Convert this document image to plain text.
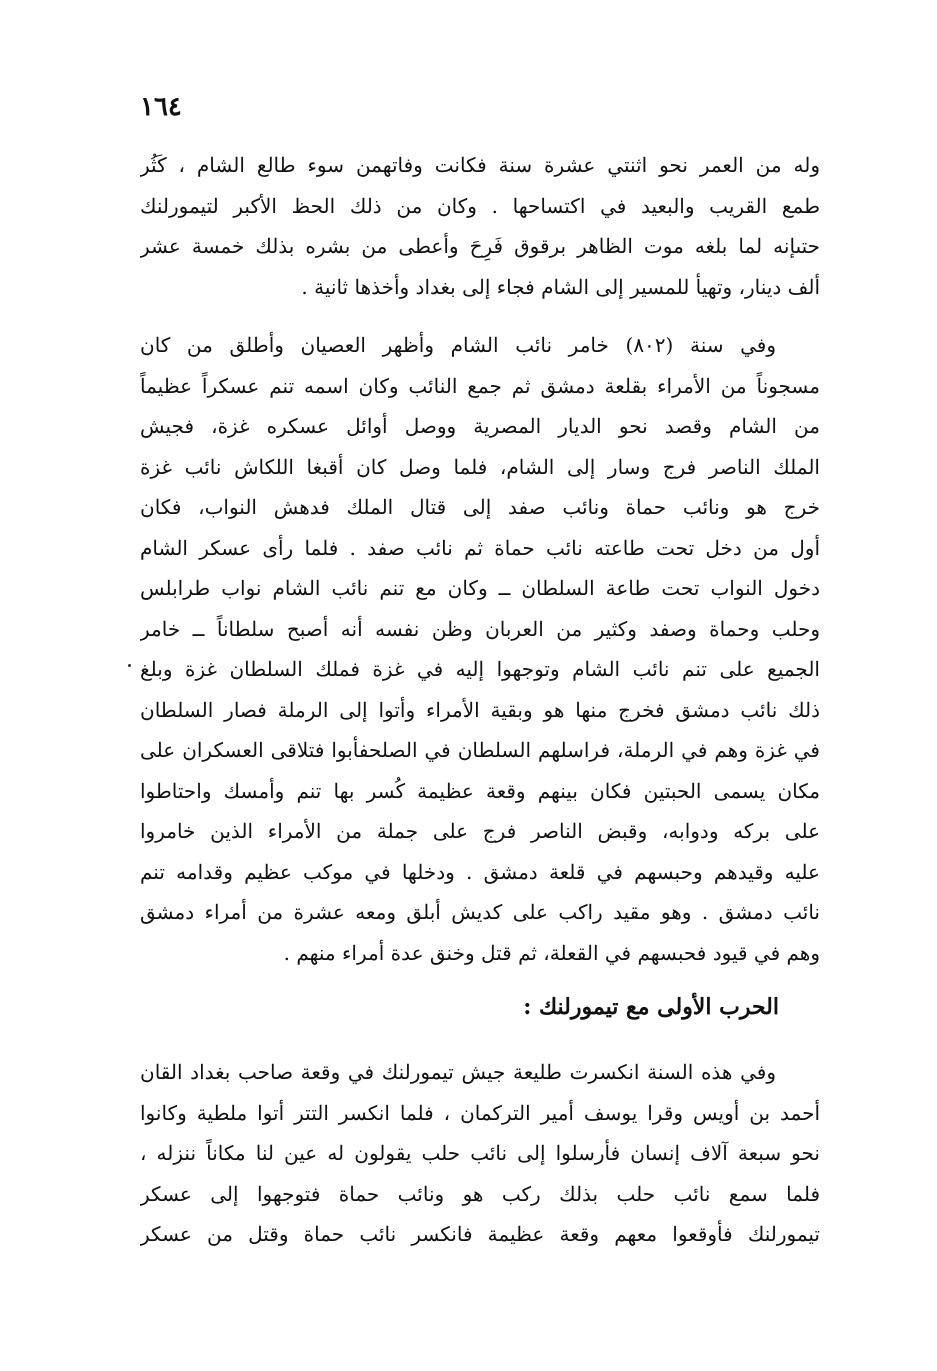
١٦٤
وله من العمر نحو اثنتي عشرة سنة فكانت وفاتهمن سوء طالع الشام ، كَثُر
طمع القريب والبعيد في اكتساحها . وكان من ذلك الحظ الأكبر لتيمورلنك
حتىإنه لما بلغه موت الظاهر برقوق فَرِحَ وأعطى من بشره بذلك خمسة عشر
ألف دينار، وتهيأ للمسير إلى الشام فجاء إلى بغداد وأخذها ثانية .
وفي سنة (٨٠٢) خامر نائب الشام وأظهر العصيان وأطلق من كان
مسجوناً من الأمراء بقلعة دمشق ثم جمع النائب وكان اسمه تنم عسكراً عظيماً
من الشام وقصد نحو الديار المصرية ووصل أوائل عسكره غزة، فجيش
الملك الناصر فرج وسار إلى الشام، فلما وصل كان أقبغا اللكاش نائب غزة
خرج هو ونائب حماة ونائب صفد إلى قتال الملك فدهش النواب، فكان
أول من دخل تحت طاعته نائب حماة ثم نائب صفد . فلما رأى عسكر الشام
دخول النواب تحت طاعة السلطان ــ وكان مع تنم نائب الشام نواب طرابلس
وحلب وحماة وصفد وكثير من العربان وظن نفسه أنه أصبح سلطاناً ــ خامر
الجميع على تنم نائب الشام وتوجهوا إليه في غزة فملك السلطان غزة وبلغ
ذلك نائب دمشق فخرج منها هو وبقية الأمراء وأتوا إلى الرملة فصار السلطان
في غزة وهم في الرملة، فراسلهم السلطان في الصلحفأبوا فتلاقى العسكران على
مكان يسمى الحبتين فكان بينهم وقعة عظيمة كُسر بها تنم وأمسك واحتاطوا
على بركه ودوابه، وقبض الناصر فرج على جملة من الأمراء الذين خامروا
عليه وقيدهم وحبسهم في قلعة دمشق . ودخلها في موكب عظيم وقدامه تنم
نائب دمشق . وهو مقيد راكب على كديش أبلق ومعه عشرة من أمراء دمشق
وهم في قيود فحبسهم في القعلة، ثم قتل وخنق عدة أمراء منهم .
الحرب الأولى مع تيمورلنك :
وفي هذه السنة انكسرت طليعة جيش تيمورلنك في وقعة صاحب بغداد القان
أحمد بن أويس وقرا يوسف أمير التركمان ، فلما انكسر التتر أتوا ملطية وكانوا
نحو سبعة آلاف إنسان فأرسلوا إلى نائب حلب يقولون له عين لنا مكاناً ننزله ،
فلما سمع نائب حلب بذلك ركب هو ونائب حماة فتوجهوا إلى عسكر
تيمورلنك فأوقعوا معهم وقعة عظيمة فانكسر نائب حماة وقتل من عسكر
